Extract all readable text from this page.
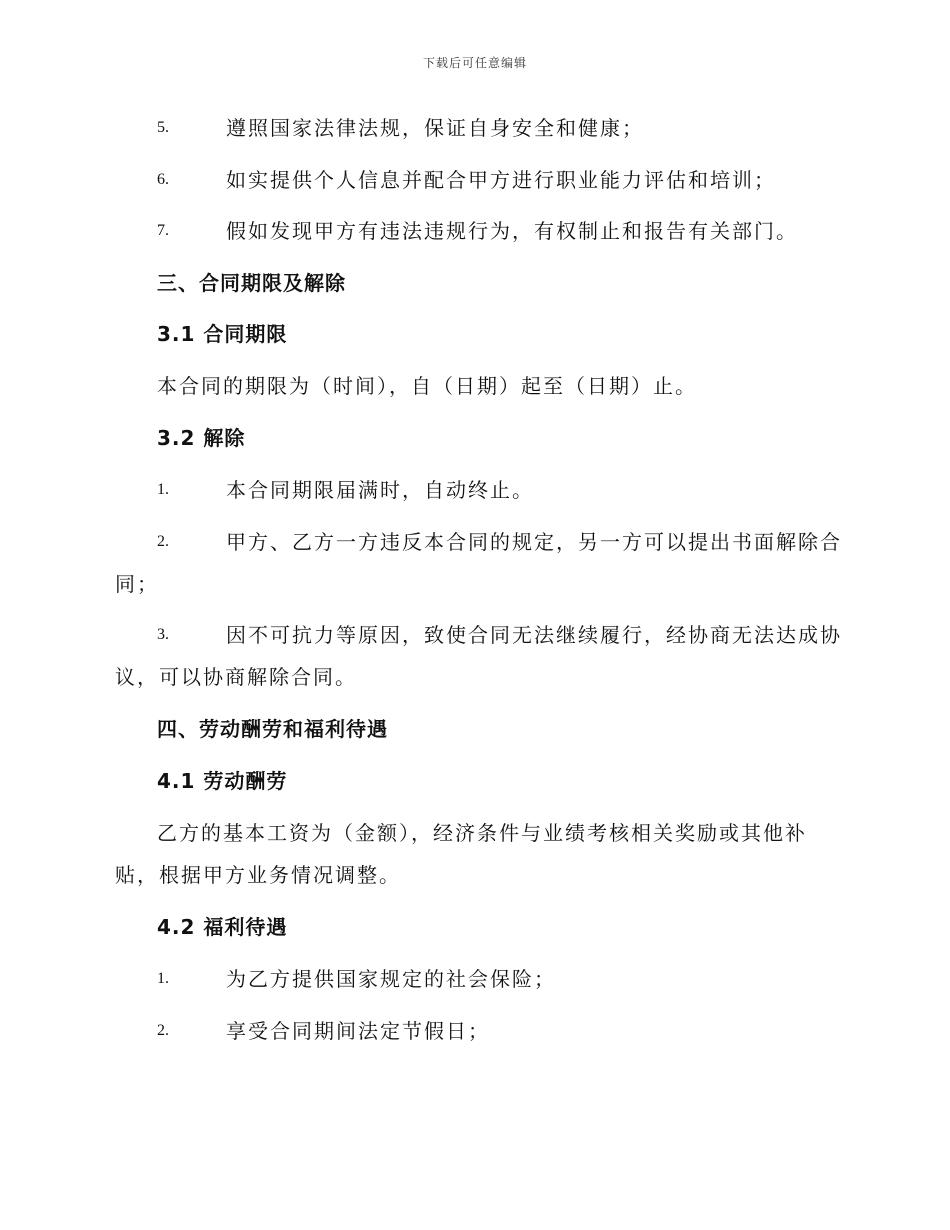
下载后可任意编辑
5.	遵照国家法律法规，保证自身安全和健康；
6.	如实提供个人信息并配合甲方进行职业能力评估和培训；
7.	假如发现甲方有违法违规行为，有权制止和报告有关部门。
三、合同期限及解除
3.1 合同期限
本合同的期限为（时间），自（日期）起至（日期）止。
3.2 解除
1.	本合同期限届满时，自动终止。
2.	甲方、乙方一方违反本合同的规定，另一方可以提出书面解除合
同；
3.	因不可抗力等原因，致使合同无法继续履行，经协商无法达成协
议，可以协商解除合同。
四、劳动酬劳和福利待遇
4.1 劳动酬劳
乙方的基本工资为（金额），经济条件与业绩考核相关奖励或其他补
贴，根据甲方业务情况调整。
4.2 福利待遇
1.	为乙方提供国家规定的社会保险；
2.	享受合同期间法定节假日；
